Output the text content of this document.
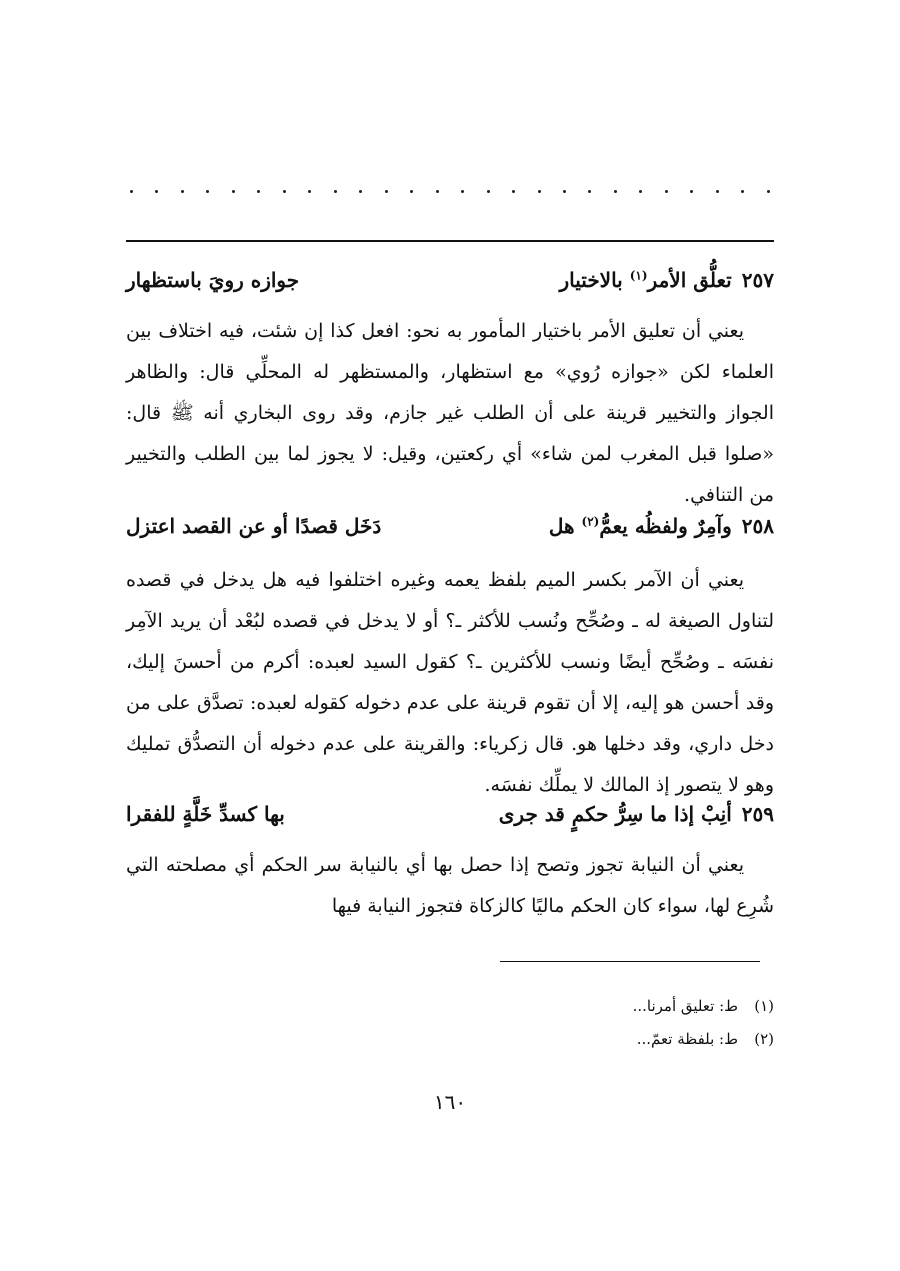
٢٥٧
تعلُّق الأمر$^{(١)}$ بالاختيار
جوازه رويَ باستظهار

يعني أن تعليق الأمر باختيار المأمور به نحو: افعل كذا إن شئت، فيه اختلاف بين العلماء لكن «جوازه رُوي» مع استظهار، والمستظهر له المحلِّي قال: والظاهر الجواز والتخيير قرينة على أن الطلب غير جازم، وقد روى البخاري أنه ﷺ قال: «صلوا قبل المغرب لمن شاء» أي ركعتين، وقيل: لا يجوز لما بين الطلب والتخيير من التنافي.

٢٥٨
وآمِرٌ ولفظُه يعمُّ$^{(٢)}$ هل
دَخَل قصدًا أو عن القصد اعتزل

يعني أن الآمر بكسر الميم بلفظ يعمه وغيره اختلفوا فيه هل يدخل في قصده لتناول الصيغة له ـ وصُحِّح ونُسب للأكثر ـ؟ أو لا يدخل في قصده لبُعْد أن يريد الآمِر نفسَه ـ وصُحِّح أيضًا ونسب للأكثرين ـ؟ كقول السيد لعبده: أكرم من أحسنَ إليك، وقد أحسن هو إليه، إلا أن تقوم قرينة على عدم دخوله كقوله لعبده: تصدَّق على من دخل داري، وقد دخلها هو. قال زكرياء: والقرينة على عدم دخوله أن التصدُّق تمليك وهو لا يتصور إذ المالك لا يملِّك نفسَه.

٢٥٩
أنِبْ إذا ما سِرُّ حكمٍ قد جرى
بها كسدِّ خَلَّةٍ للفقرا

يعني أن النيابة تجوز وتصح إذا حصل بها أي بالنيابة سر الحكم أي مصلحته التي شُرِع لها، سواء كان الحكم ماليًا كالزكاة فتجوز النيابة فيها

(١)ط: تعليق أمرنا...
(٢)ط: بلفظة تعمّ...
١٦٠
